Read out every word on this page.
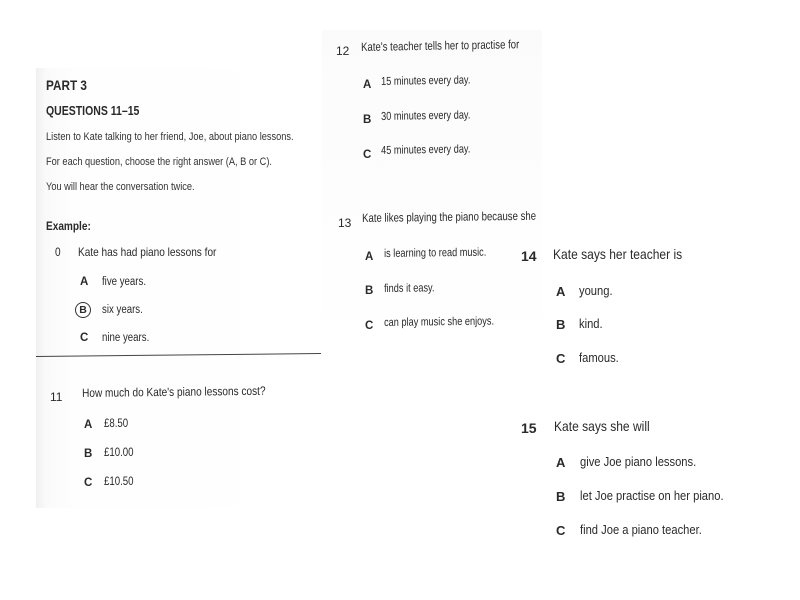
PART 3
QUESTIONS 11–15
Listen to Kate talking to her friend, Joe, about piano lessons.
For each question, choose the right answer (A, B or C).
You will hear the conversation twice.
Example:
0 Kate has had piano lessons for
A five years.
B six years.
C nine years.
11 How much do Kate's piano lessons cost?
A £8.50
B £10.00
C £10.50
12 Kate's teacher tells her to practise for
A 15 minutes every day.
B 30 minutes every day.
C 45 minutes every day.
13 Kate likes playing the piano because she
A is learning to read music.
B finds it easy.
C can play music she enjoys.
14 Kate says her teacher is
A young.
B kind.
C famous.
15 Kate says she will
A give Joe piano lessons.
B let Joe practise on her piano.
C find Joe a piano teacher.
